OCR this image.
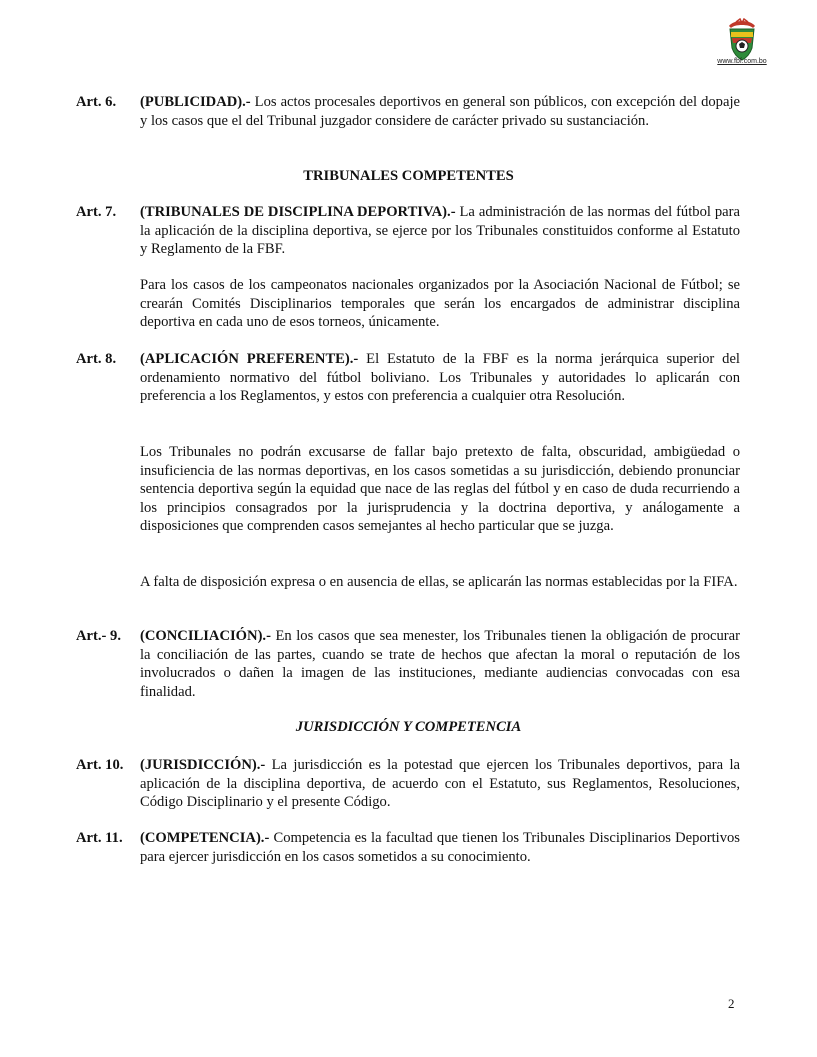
www.fbf.com.bo
Art. 6. (PUBLICIDAD).- Los actos procesales deportivos en general son públicos, con excepción del dopaje y los casos que el del Tribunal juzgador considere de carácter privado su sustanciación.
TRIBUNALES COMPETENTES
Art. 7. (TRIBUNALES DE DISCIPLINA DEPORTIVA).- La administración de las normas del fútbol para la aplicación de la disciplina deportiva, se ejerce por los Tribunales constituidos conforme al Estatuto y Reglamento de la FBF.
Para los casos de los campeonatos nacionales organizados por la Asociación Nacional de Fútbol; se crearán Comités Disciplinarios temporales que serán los encargados de administrar disciplina deportiva en cada uno de esos torneos, únicamente.
Art. 8. (APLICACIÓN PREFERENTE).- El Estatuto de la FBF es la norma jerárquica superior del ordenamiento normativo del fútbol boliviano. Los Tribunales y autoridades lo aplicarán con preferencia a los Reglamentos, y estos con preferencia a cualquier otra Resolución.
Los Tribunales no podrán excusarse de fallar bajo pretexto de falta, obscuridad, ambigüedad o insuficiencia de las normas deportivas, en los casos sometidas a su jurisdicción, debiendo pronunciar sentencia deportiva según la equidad que nace de las reglas del fútbol y en caso de duda recurriendo a los principios consagrados por la jurisprudencia y la doctrina deportiva, y análogamente a disposiciones que comprenden casos semejantes al hecho particular que se juzga.
A falta de disposición expresa o en ausencia de ellas, se aplicarán las normas establecidas por la FIFA.
Art.- 9. (CONCILIACIÓN).- En los casos que sea menester, los Tribunales tienen la obligación de procurar la conciliación de las partes, cuando se trate de hechos que afectan la moral o reputación de los involucrados o dañen la imagen de las instituciones, mediante audiencias convocadas con esa finalidad.
JURISDICCIÓN Y COMPETENCIA
Art. 10. (JURISDICCIÓN).- La jurisdicción es la potestad que ejercen los Tribunales deportivos, para la aplicación de la disciplina deportiva, de acuerdo con el Estatuto, sus Reglamentos, Resoluciones, Código Disciplinario y el presente Código.
Art. 11. (COMPETENCIA).- Competencia es la facultad que tienen los Tribunales Disciplinarios Deportivos para ejercer jurisdicción en los casos sometidos a su conocimiento.
2
